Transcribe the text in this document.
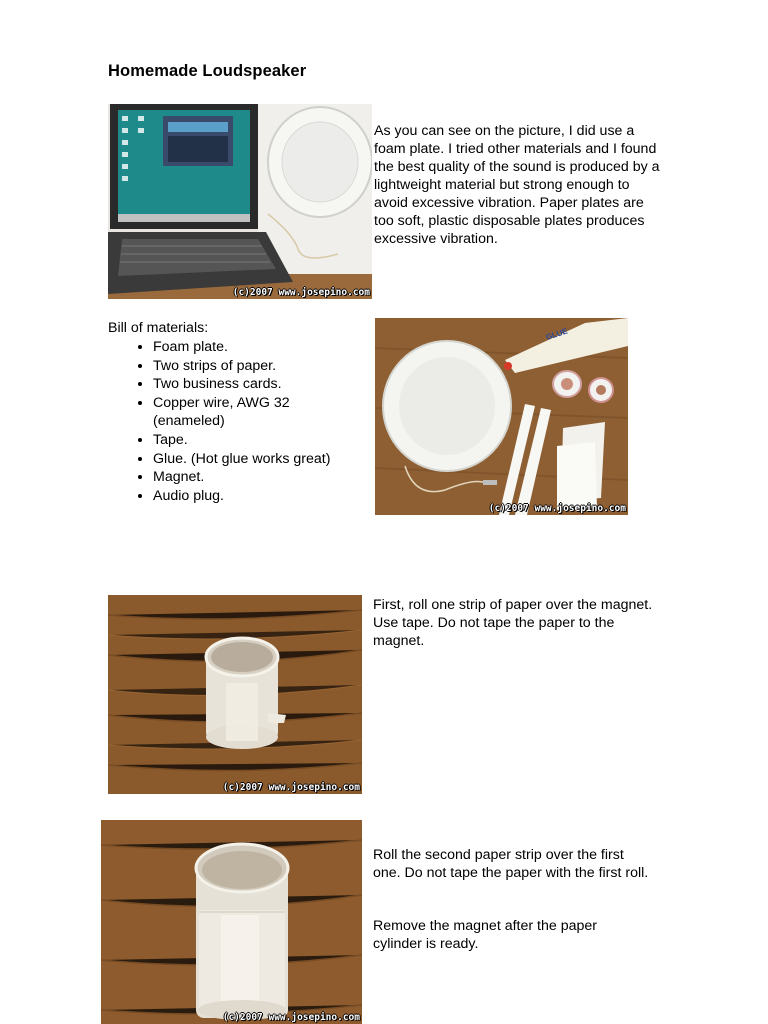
Homemade Loudspeaker
(c)2007 www.josepino.com

As you can see on the picture, I did use a foam plate. I tried other materials and I found the best quality of the sound is produced by a lightweight material but strong enough to avoid excessive vibration. Paper plates are too soft, plastic disposable plates produces excessive vibration.

Bill of materials:

• Foam plate.
• Two strips of paper.
• Two business cards.
• Copper wire, AWG 32 (enameled)
• Tape.
• Glue. (Hot glue works great)
• Magnet.
• Audio plug.
GLUE
(c)2007 www.josepino.com
(c)2007 www.josepino.com

First, roll one strip of paper over the magnet. Use tape. Do not tape the paper to the magnet.

(c)2007 www.josepino.com

Roll the second paper strip over the first one. Do not tape the paper with the first roll.

Remove the magnet after the paper cylinder is ready.
